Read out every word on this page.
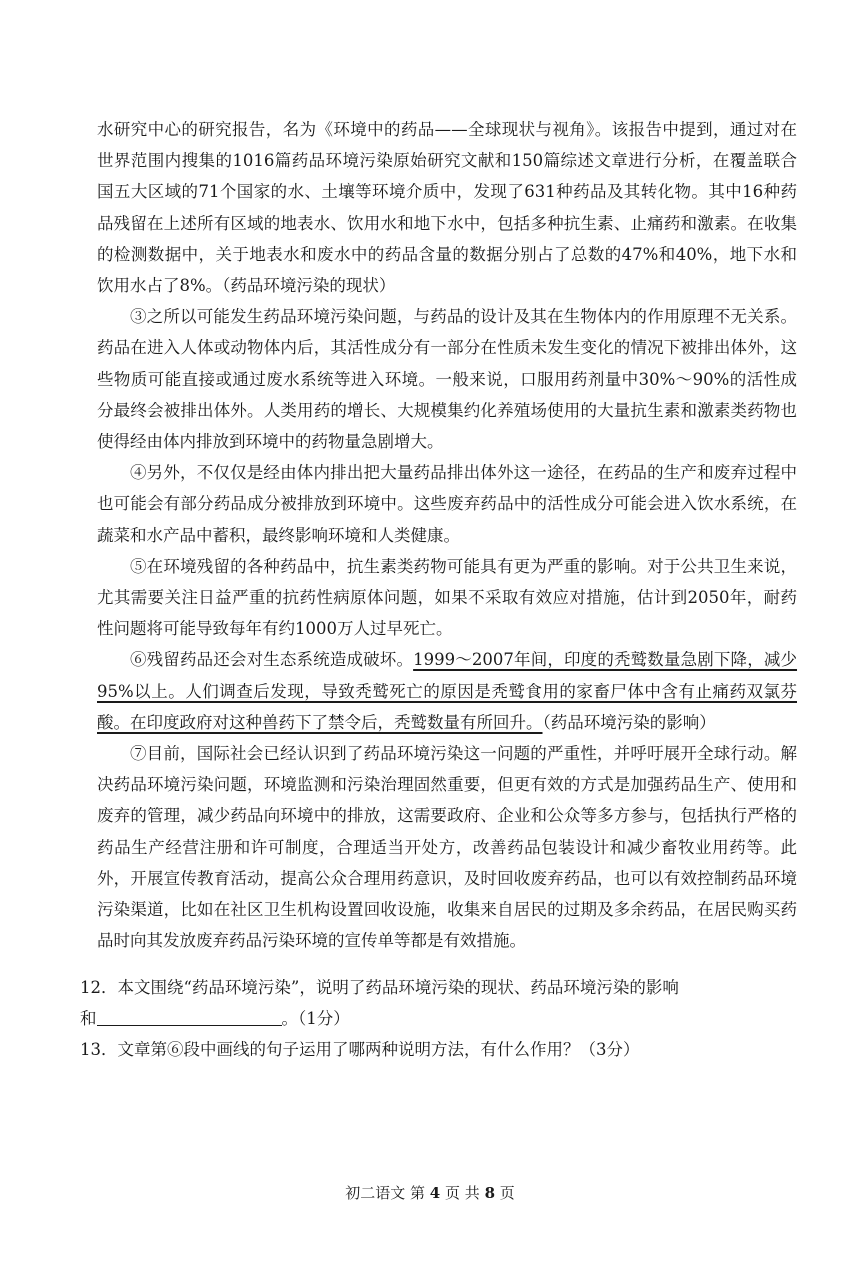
水研究中心的研究报告，名为《环境中的药品——全球现状与视角》。该报告中提到，通过对在世界范围内搜集的1016篇药品环境污染原始研究文献和150篇综述文章进行分析，在覆盖联合国五大区域的71个国家的水、土壤等环境介质中，发现了631种药品及其转化物。其中16种药品残留在上述所有区域的地表水、饮用水和地下水中，包括多种抗生素、止痛药和激素。在收集的检测数据中，关于地表水和废水中的药品含量的数据分别占了总数的47%和40%，地下水和饮用水占了8%。（药品环境污染的现状）

③之所以可能发生药品环境污染问题，与药品的设计及其在生物体内的作用原理不无关系。药品在进入人体或动物体内后，其活性成分有一部分在性质未发生变化的情况下被排出体外，这些物质可能直接或通过废水系统等进入环境。一般来说，口服用药剂量中30%～90%的活性成分最终会被排出体外。人类用药的增长、大规模集约化养殖场使用的大量抗生素和激素类药物也使得经由体内排放到环境中的药物量急剧增大。

④另外，不仅仅是经由体内排出把大量药品排出体外这一途径，在药品的生产和废弃过程中也可能会有部分药品成分被排放到环境中。这些废弃药品中的活性成分可能会进入饮水系统，在蔬菜和水产品中蓄积，最终影响环境和人类健康。

⑤在环境残留的各种药品中，抗生素类药物可能具有更为严重的影响。对于公共卫生来说，尤其需要关注日益严重的抗药性病原体问题，如果不采取有效应对措施，估计到2050年，耐药性问题将可能导致每年有约1000万人过早死亡。

⑥残留药品还会对生态系统造成破坏。1999～2007年间，印度的秃鹫数量急剧下降，减少95%以上。人们调查后发现，导致秃鹫死亡的原因是秃鹫食用的家畜尸体中含有止痛药双氯芬酸。在印度政府对这种兽药下了禁令后，秃鹫数量有所回升。（药品环境污染的影响）

⑦目前，国际社会已经认识到了药品环境污染这一问题的严重性，并呼吁展开全球行动。解决药品环境污染问题，环境监测和污染治理固然重要，但更有效的方式是加强药品生产、使用和废弃的管理，减少药品向环境中的排放，这需要政府、企业和公众等多方参与，包括执行严格的药品生产经营注册和许可制度，合理适当开处方，改善药品包装设计和减少畜牧业用药等。此外，开展宣传教育活动，提高公众合理用药意识，及时回收废弃药品，也可以有效控制药品环境污染渠道，比如在社区卫生机构设置回收设施，收集来自居民的过期及多余药品，在居民购买药品时向其发放废弃药品污染环境的宣传单等都是有效措施。

12．本文围绕“药品环境污染”，说明了药品环境污染的现状、药品环境污染的影响
和	。（1分）

13．文章第⑥段中画线的句子运用了哪两种说明方法，有什么作用？（3分）

初二语文 第 4 页 共 8 页
